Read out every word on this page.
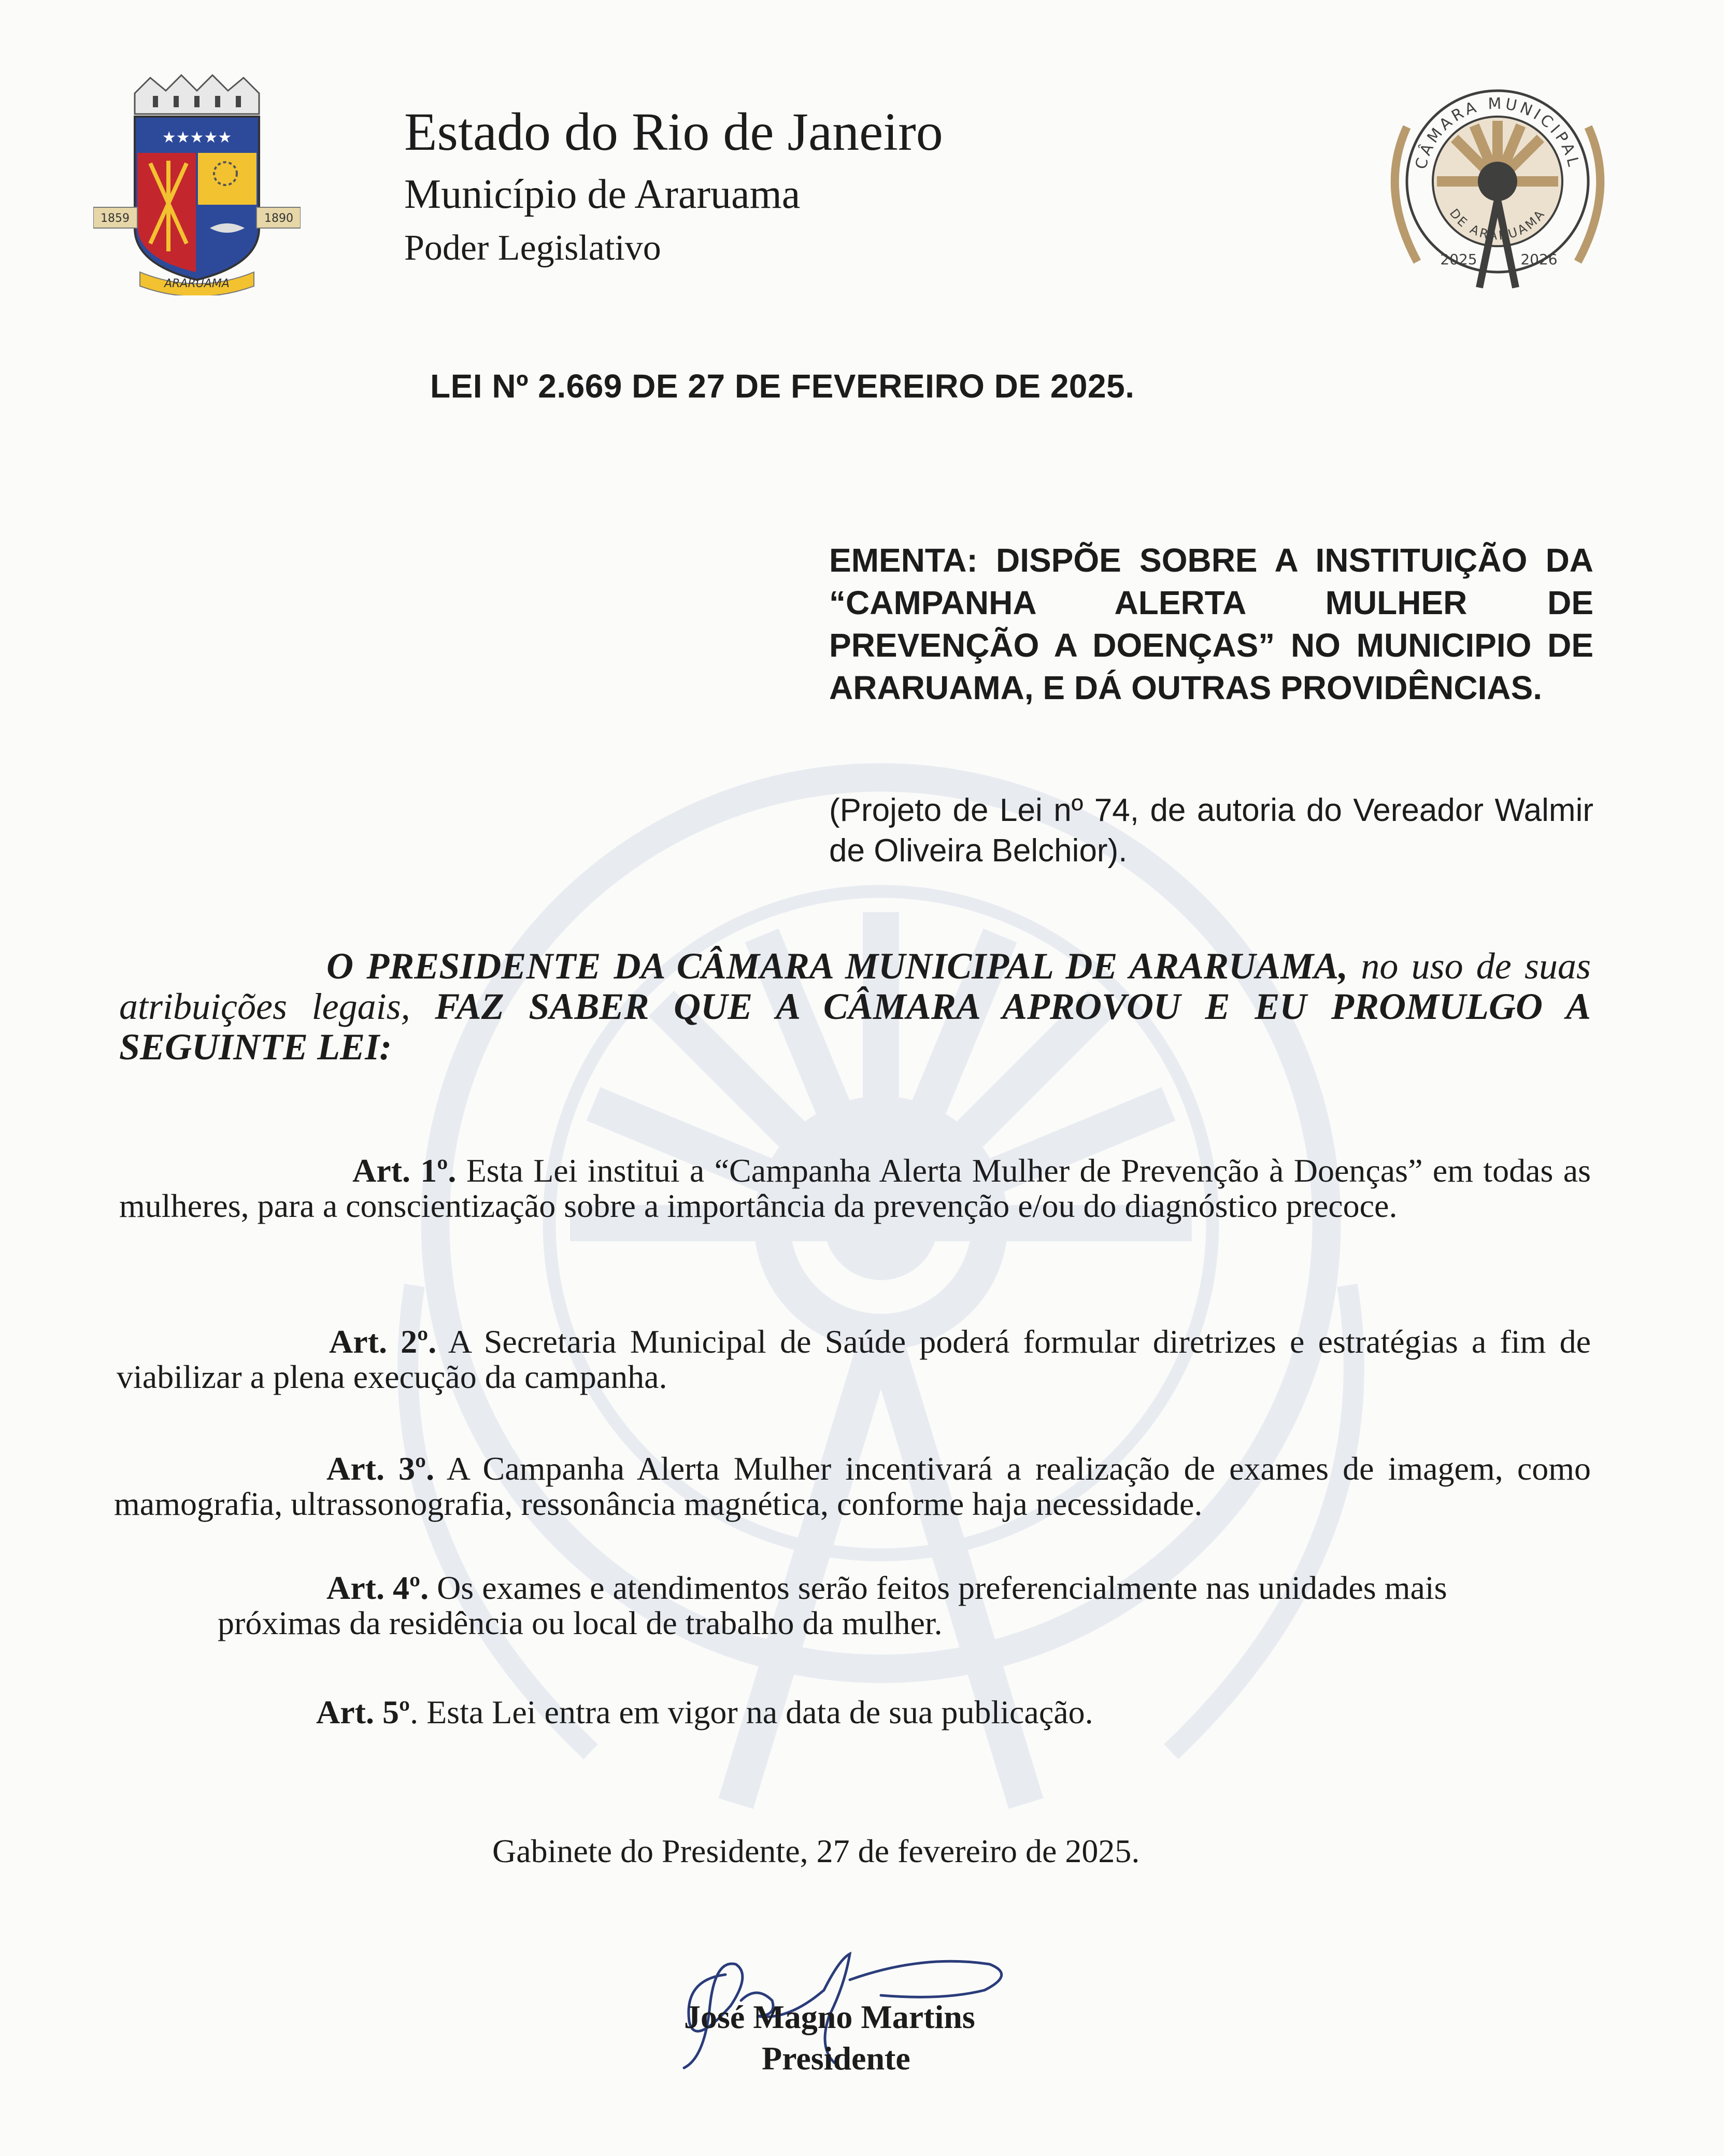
★★★★★
1859	1890
ARARUAMA
Estado do Rio de Janeiro
Município de Araruama
Poder Legislativo
CÂMARA MUNICIPAL
DE ARARUAMA
2025	2026
LEI Nº 2.669 DE 27 DE FEVEREIRO DE 2025.
EMENTA: DISPÕE SOBRE A INSTITUIÇÃO DA “CAMPANHA ALERTA MULHER DE PREVENÇÃO A DOENÇAS” NO MUNICIPIO DE ARARUAMA, E DÁ OUTRAS PROVIDÊNCIAS.
(Projeto de Lei nº 74, de autoria do Vereador Walmir de Oliveira Belchior).
O PRESIDENTE DA CÂMARA MUNICIPAL DE ARARUAMA, no uso de suas atribuições legais, FAZ SABER QUE A CÂMARA APROVOU E EU PROMULGO A SEGUINTE LEI:
Art. 1º. Esta Lei institui a “Campanha Alerta Mulher de Prevenção à Doenças” em todas as mulheres, para a conscientização sobre a importância da prevenção e/ou do diagnóstico precoce.
Art. 2º. A Secretaria Municipal de Saúde poderá formular diretrizes e estratégias a fim de viabilizar a plena execução da campanha.
Art. 3º. A Campanha Alerta Mulher incentivará a realização de exames de imagem, como mamografia, ultrassonografia, ressonância magnética, conforme haja necessidade.
Art. 4º. Os exames e atendimentos serão feitos preferencialmente nas unidades mais próximas da residência ou local de trabalho da mulher.
Art. 5º. Esta Lei entra em vigor na data de sua publicação.
Gabinete do Presidente, 27 de fevereiro de 2025.
José Magno Martins
Presidente
